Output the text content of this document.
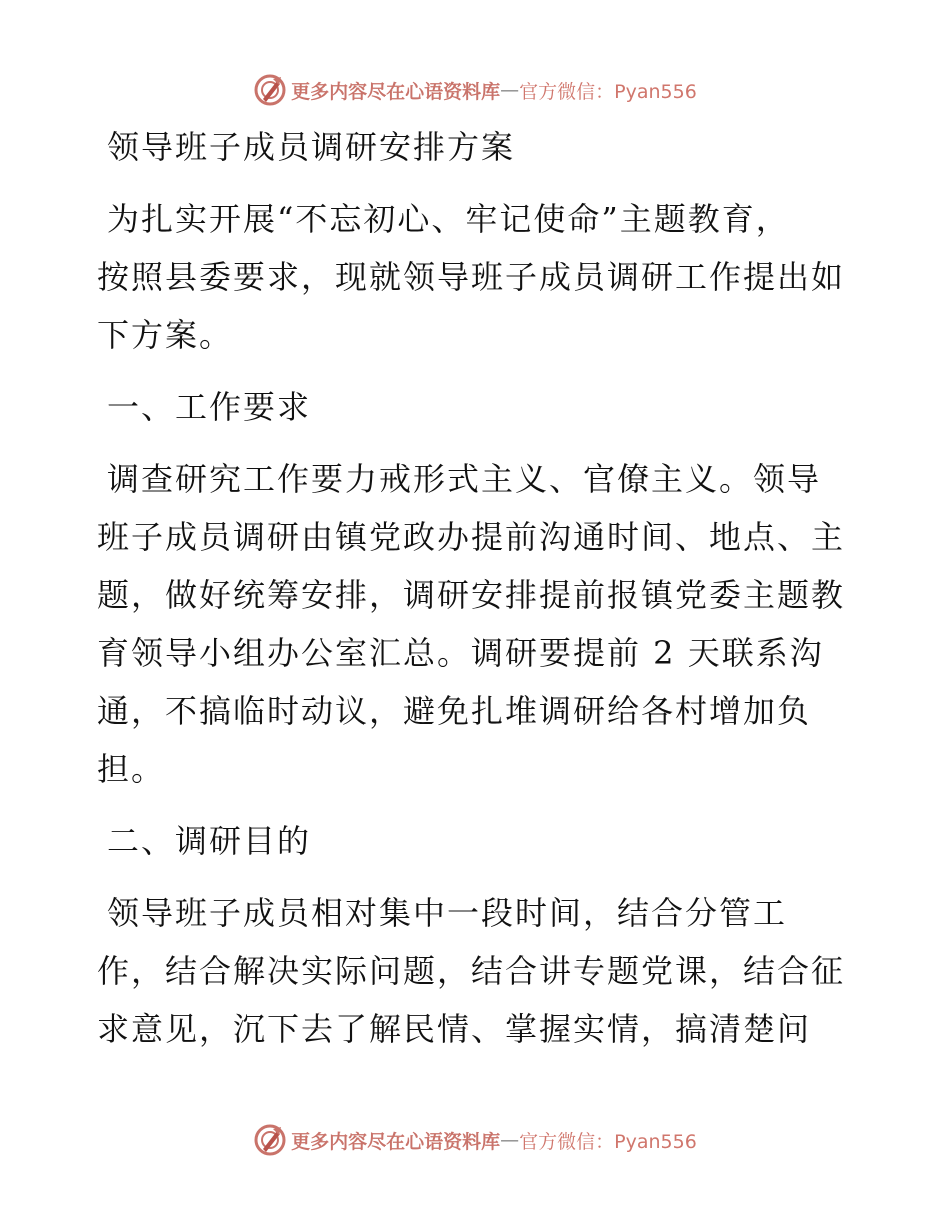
更多内容尽在心语资料库 — 官方微信：Pyan556
领导班子成员调研安排方案
为扎实开展“不忘初心、牢记使命”主题教育，
按照县委要求，现就领导班子成员调研工作提出如
下方案。
一、工作要求
调查研究工作要力戒形式主义、官僚主义。领导
班子成员调研由镇党政办提前沟通时间、地点、主
题，做好统筹安排，调研安排提前报镇党委主题教
育领导小组办公室汇总。调研要提前 2 天联系沟
通，不搞临时动议，避免扎堆调研给各村增加负
担。
二、调研目的
领导班子成员相对集中一段时间，结合分管工
作，结合解决实际问题，结合讲专题党课，结合征
求意见，沉下去了解民情、掌握实情，搞清楚问
更多内容尽在心语资料库 — 官方微信：Pyan556
